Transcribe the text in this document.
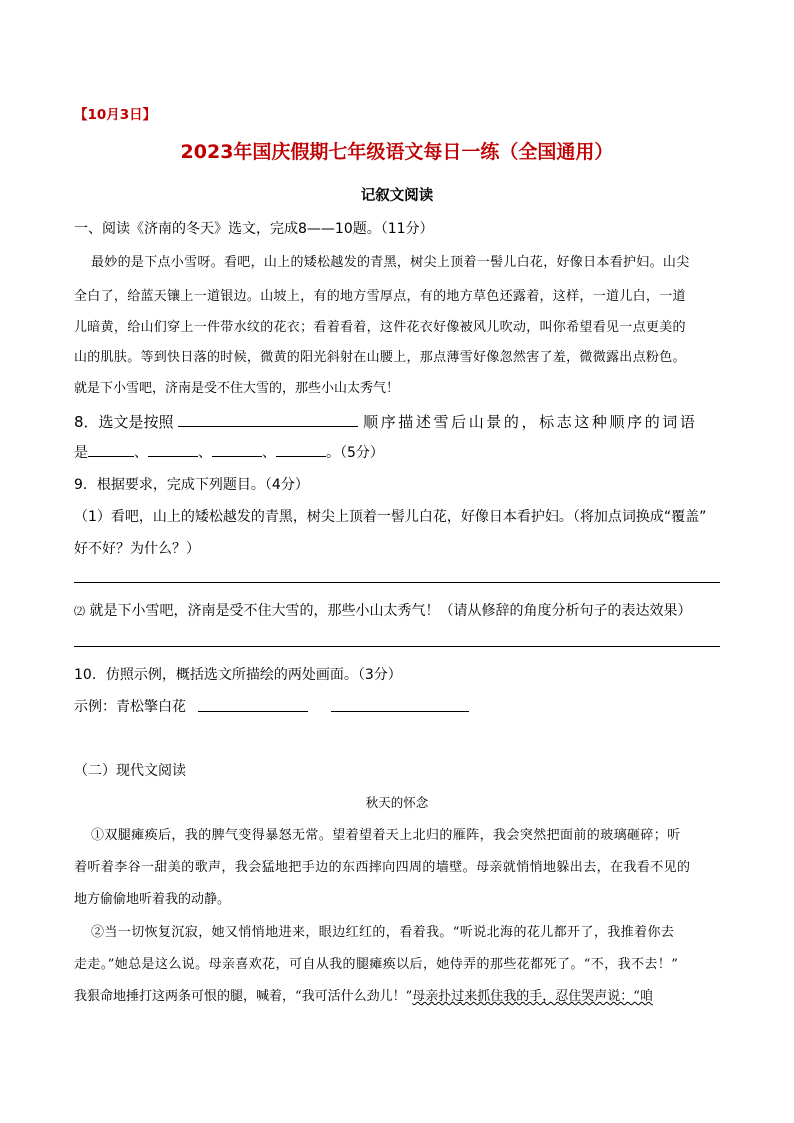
【10月3日】
2023年国庆假期七年级语文每日一练（全国通用）
记叙文阅读
一、阅读《济南的冬天》选文，完成8——10题。（11分）
最妙的是下点小雪呀。看吧，山上的矮松越发的青黑，树尖上顶着一髻儿白花，好像日本看护妇。山尖
全白了，给蓝天镶上一道银边。山坡上，有的地方雪厚点，有的地方草色还露着，这样，一道儿白，一道
儿暗黄，给山们穿上一件带水纹的花衣；看着看着，这件花衣好像被风儿吹动，叫你希望看见一点更美的
山的肌肤。等到快日落的时候，微黄的阳光斜射在山腰上，那点薄雪好像忽然害了羞，微微露出点粉色。
就是下小雪吧，济南是受不住大雪的，那些小山太秀气！
8．选文是按照	顺序描述雪后山景的，标志这种顺序的词语
是	、	、	、	。（5分）
9．根据要求，完成下列题目。（4分）
（1）看吧，山上的矮松越发的青黑，树尖上顶着一髻儿白花，好像日本看护妇。（将加点词换成“覆盖”
好不好？为什么？）
⑵ 就是下小雪吧，济南是受不住大雪的，那些小山太秀气！（请从修辞的角度分析句子的表达效果）
10．仿照示例，概括选文所描绘的两处画面。（3分）
示例：青松擎白花
（二）现代文阅读
秋天的怀念
①双腿瘫痪后，我的脾气变得暴怒无常。望着望着天上北归的雁阵，我会突然把面前的玻璃砸碎；听
着听着李谷一甜美的歌声，我会猛地把手边的东西摔向四周的墙壁。母亲就悄悄地躲出去，在我看不见的
地方偷偷地听着我的动静。
②当一切恢复沉寂，她又悄悄地进来，眼边红红的，看着我。“听说北海的花儿都开了，我推着你去
走走。”她总是这么说。母亲喜欢花，可自从我的腿瘫痪以后，她侍弄的那些花都死了。“不，我不去！”
我狠命地捶打这两条可恨的腿，喊着，“我可活什么劲儿！”母亲扑过来抓住我的手，忍住哭声说：“咱
